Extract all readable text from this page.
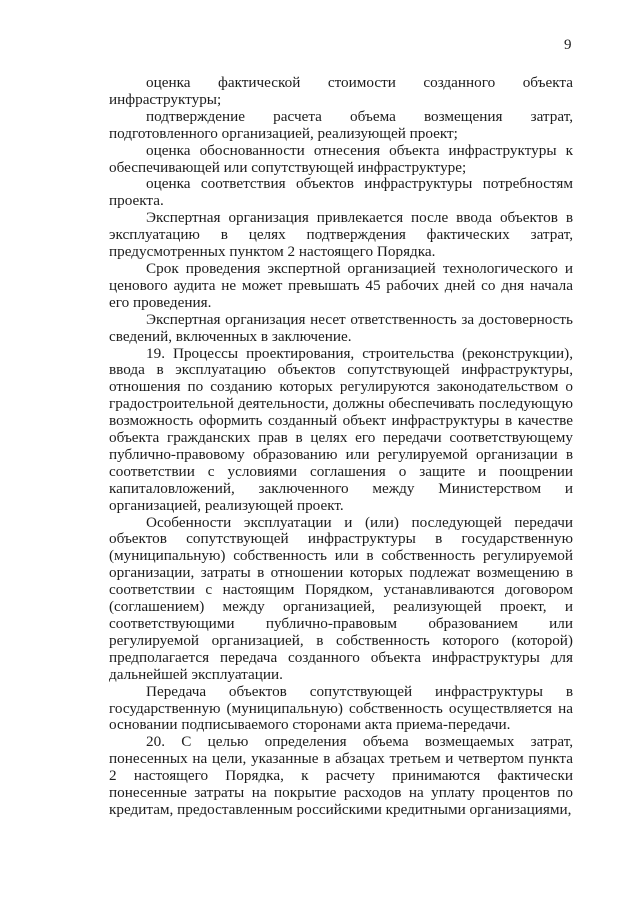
9

оценка фактической стоимости созданного объекта инфраструктуры;

подтверждение расчета объема возмещения затрат, подготовленного организацией, реализующей проект;

оценка обоснованности отнесения объекта инфраструктуры к обеспечивающей или сопутствующей инфраструктуре;

оценка соответствия объектов инфраструктуры потребностям проекта.

Экспертная организация привлекается после ввода объектов в эксплуатацию в целях подтверждения фактических затрат, предусмотренных пунктом 2 настоящего Порядка.

Срок проведения экспертной организацией технологического и ценового аудита не может превышать 45 рабочих дней со дня начала его проведения.

Экспертная организация несет ответственность за достоверность сведений, включенных в заключение.

19. Процессы проектирования, строительства (реконструкции), ввода в эксплуатацию объектов сопутствующей инфраструктуры, отношения по созданию которых регулируются законодательством о градостроительной деятельности, должны обеспечивать последующую возможность оформить созданный объект инфраструктуры в качестве объекта гражданских прав в целях его передачи соответствующему публично-правовому образованию или регулируемой организации в соответствии с условиями соглашения о защите и поощрении капиталовложений, заключенного между Министерством и организацией, реализующей проект.

Особенности эксплуатации и (или) последующей передачи объектов сопутствующей инфраструктуры в государственную (муниципальную) собственность или в собственность регулируемой организации, затраты в отношении которых подлежат возмещению в соответствии с настоящим Порядком, устанавливаются договором (соглашением) между организацией, реализующей проект, и соответствующими публично-правовым образованием или регулируемой организацией, в собственность которого (которой) предполагается передача созданного объекта инфраструктуры для дальнейшей эксплуатации.

Передача объектов сопутствующей инфраструктуры в государственную (муниципальную) собственность осуществляется на основании подписываемого сторонами акта приема-передачи.

20. С целью определения объема возмещаемых затрат, понесенных на цели, указанные в абзацах третьем и четвертом пункта 2 настоящего Порядка, к расчету принимаются фактически понесенные затраты на покрытие расходов на уплату процентов по кредитам, предоставленным российскими кредитными организациями,
